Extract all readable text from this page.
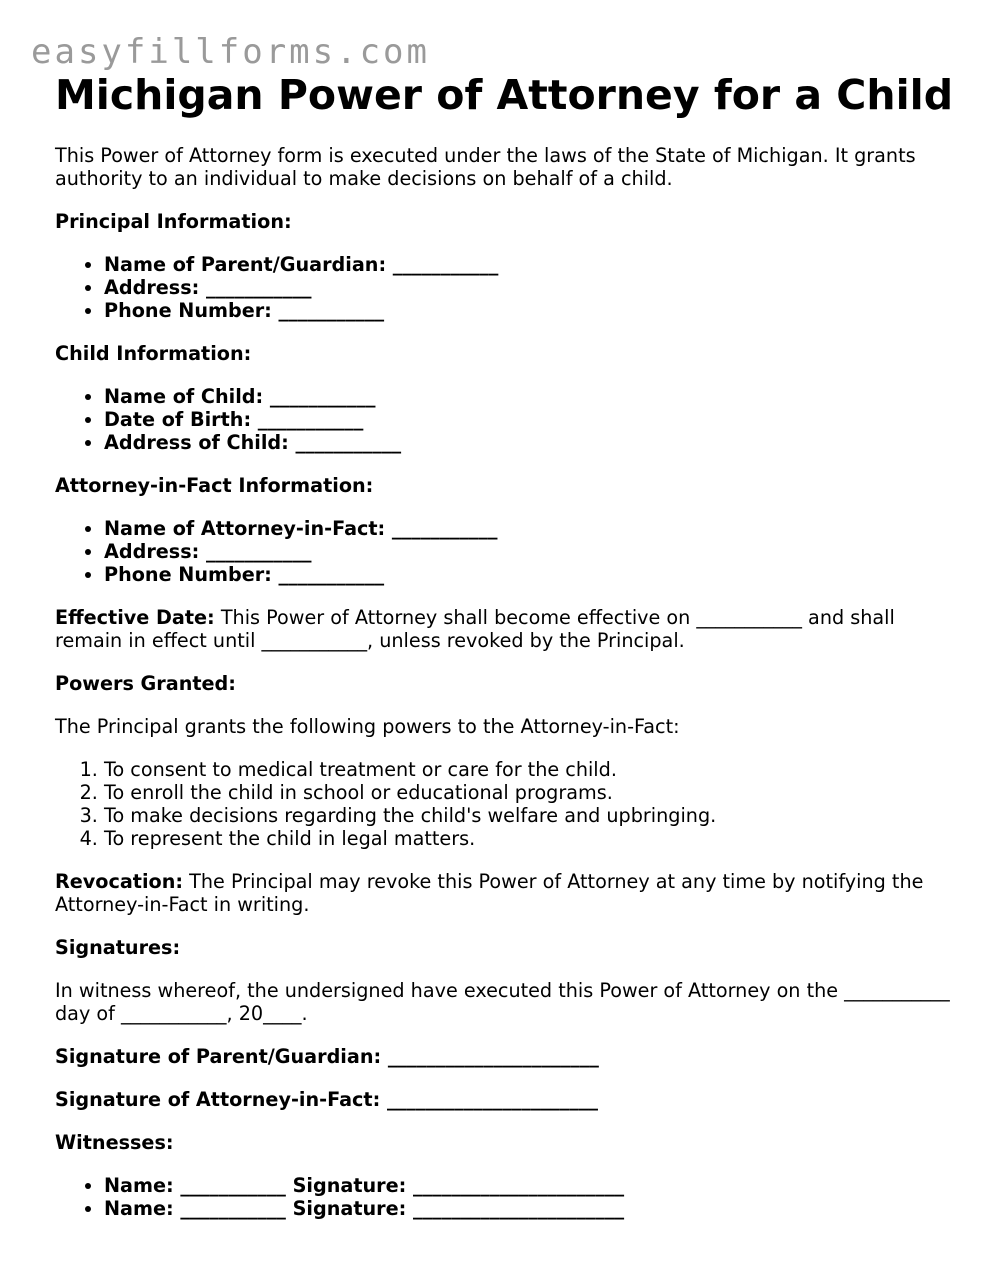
easyfillforms.com
Michigan Power of Attorney for a Child

This Power of Attorney form is executed under the laws of the State of Michigan. It grants authority to an individual to make decisions on behalf of a child.

Principal Information:

• Name of Parent/Guardian: ___________
• Address: ___________
• Phone Number: ___________

Child Information:

• Name of Child: ___________
• Date of Birth: ___________
• Address of Child: ___________

Attorney-in-Fact Information:

• Name of Attorney-in-Fact: ___________
• Address: ___________
• Phone Number: ___________

Effective Date: This Power of Attorney shall become effective on ___________ and shall remain in effect until ___________, unless revoked by the Principal.

Powers Granted:

The Principal grants the following powers to the Attorney-in-Fact:

1. To consent to medical treatment or care for the child.
2. To enroll the child in school or educational programs.
3. To make decisions regarding the child's welfare and upbringing.
4. To represent the child in legal matters.

Revocation: The Principal may revoke this Power of Attorney at any time by notifying the Attorney-in-Fact in writing.

Signatures:

In witness whereof, the undersigned have executed this Power of Attorney on the ___________ day of ___________, 20____.

Signature of Parent/Guardian: ______________________

Signature of Attorney-in-Fact: ______________________

Witnesses:

• Name: ___________ Signature: ______________________
• Name: ___________ Signature: ______________________
